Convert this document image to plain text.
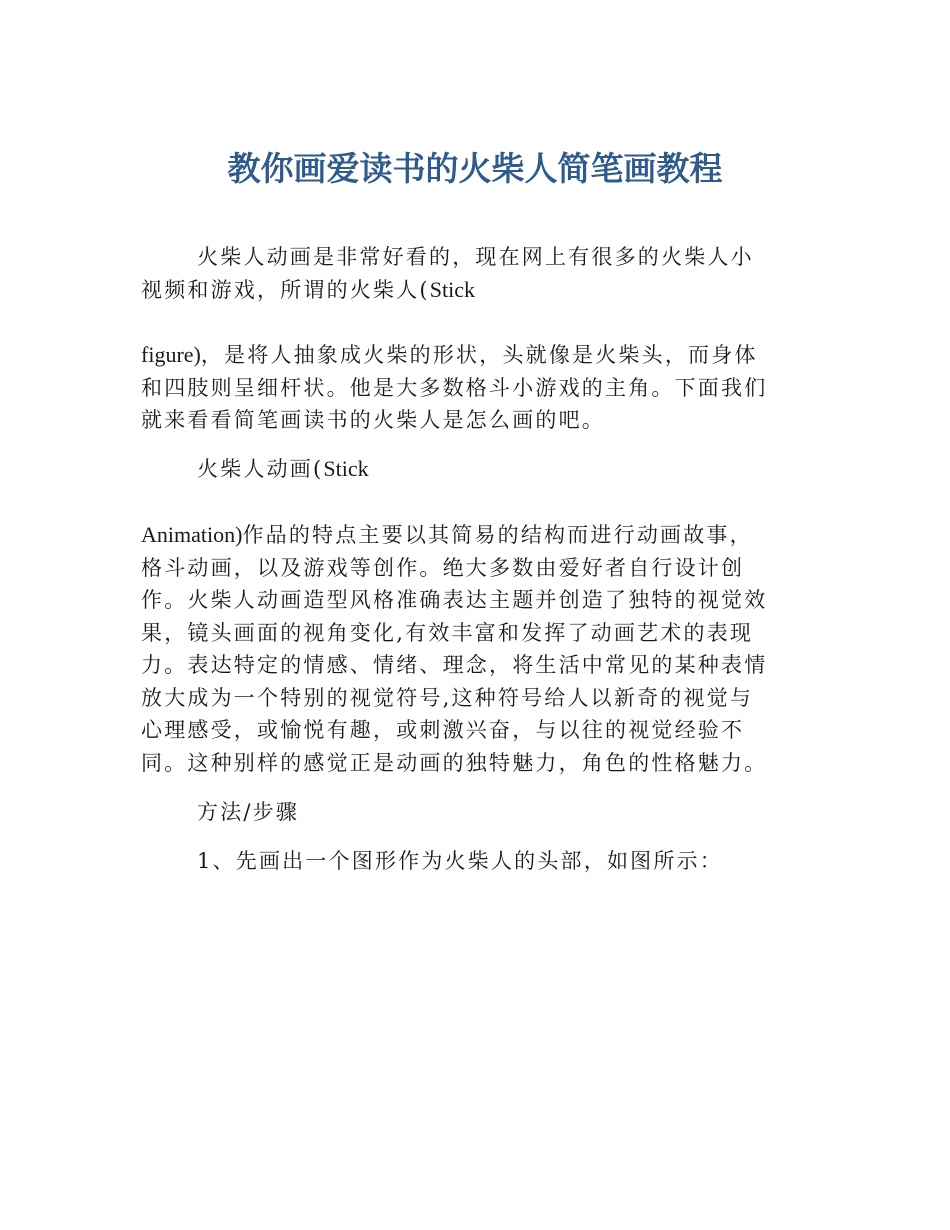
教你画爱读书的火柴人简笔画教程
火柴人动画是非常好看的，现在网上有很多的火柴人小
视频和游戏，所谓的火柴人(Stick
figure)，是将人抽象成火柴的形状，头就像是火柴头，而身体
和四肢则呈细杆状。他是大多数格斗小游戏的主角。下面我们
就来看看简笔画读书的火柴人是怎么画的吧。
火柴人动画(Stick
Animation)作品的特点主要以其简易的结构而进行动画故事，
格斗动画，以及游戏等创作。绝大多数由爱好者自行设计创
作。火柴人动画造型风格准确表达主题并创造了独特的视觉效
果，镜头画面的视角变化,有效丰富和发挥了动画艺术的表现
力。表达特定的情感、情绪、理念，将生活中常见的某种表情
放大成为一个特别的视觉符号,这种符号给人以新奇的视觉与
心理感受，或愉悦有趣，或刺激兴奋，与以往的视觉经验不
同。这种别样的感觉正是动画的独特魅力，角色的性格魅力。
方法/步骤
1、先画出一个图形作为火柴人的头部，如图所示：
